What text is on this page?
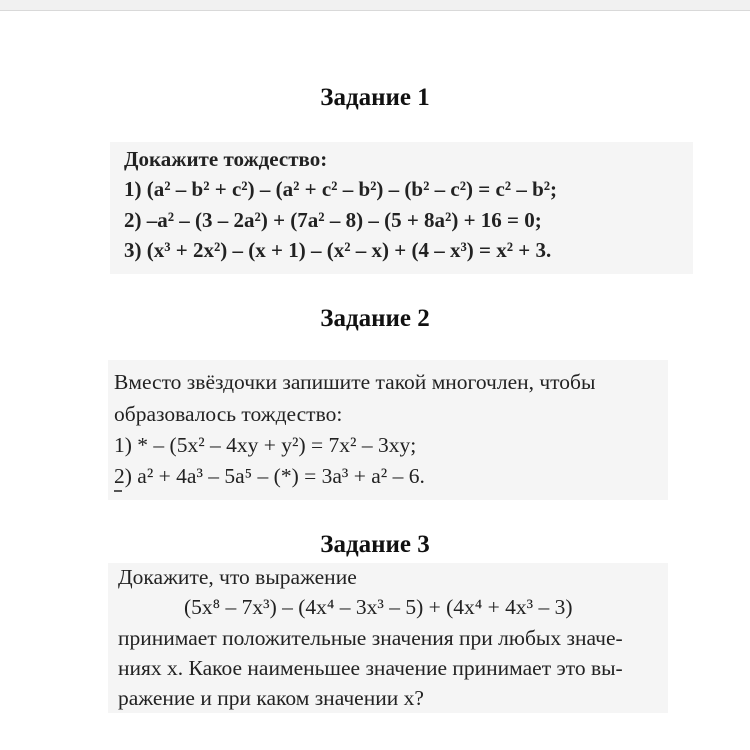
Задание 1
Докажите тождество:
1) (a² – b² + c²) – (a² + c² – b²) – (b² – c²) = c² – b²;
2) –a² – (3 – 2a²) + (7a² – 8) – (5 + 8a²) + 16 = 0;
3) (x³ + 2x²) – (x + 1) – (x² – x) + (4 – x³) = x² + 3.
Задание 2
Вместо звёздочки запишите такой многочлен, чтобы
образовалось тождество:
1) * – (5x² – 4xy + y²) = 7x² – 3xy;
2) a² + 4a³ – 5a⁵ – (*) = 3a³ + a² – 6.
Задание 3
Докажите, что выражение
(5x⁸ – 7x³) – (4x⁴ – 3x³ – 5) + (4x⁴ + 4x³ – 3)
принимает положительные значения при любых значе-
ниях x. Какое наименьшее значение принимает это вы-
ражение и при каком значении x?
